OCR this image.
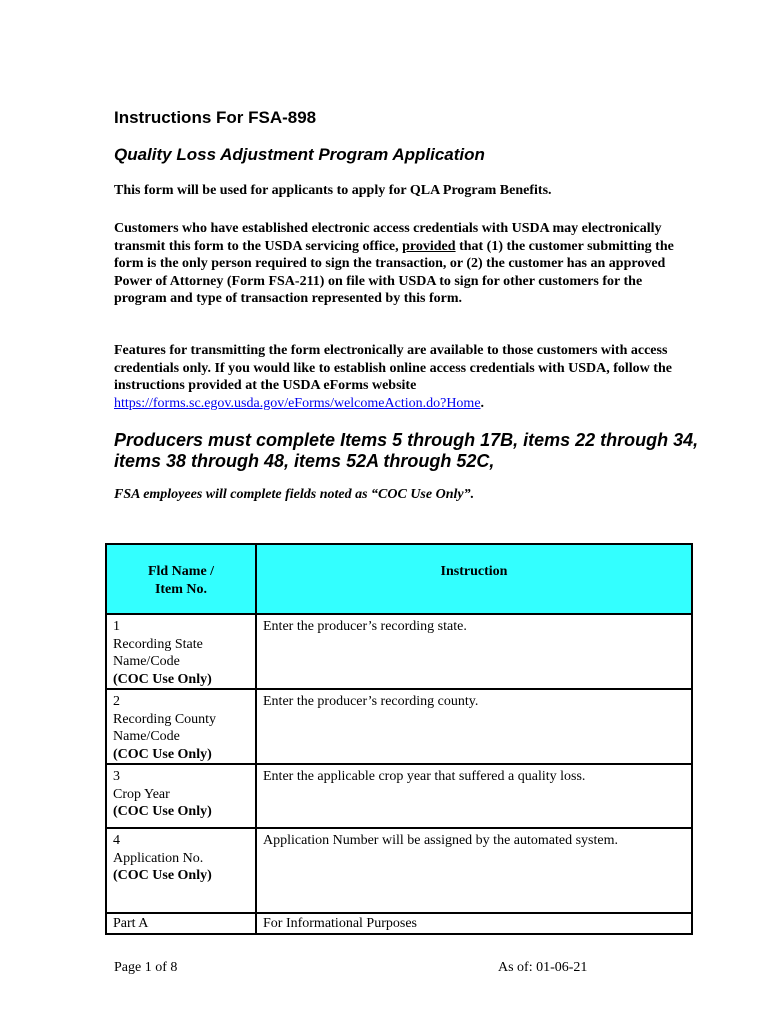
Instructions For FSA-898
Quality Loss Adjustment Program Application
This form will be used for applicants to apply for QLA Program Benefits.
Customers who have established electronic access credentials with USDA may electronically transmit this form to the USDA servicing office, provided that (1) the customer submitting the form is the only person required to sign the transaction, or (2) the customer has an approved Power of Attorney (Form FSA-211) on file with USDA to sign for other customers for the program and type of transaction represented by this form.
Features for transmitting the form electronically are available to those customers with access credentials only. If you would like to establish online access credentials with USDA, follow the instructions provided at the USDA eForms website https://forms.sc.egov.usda.gov/eForms/welcomeAction.do?Home.
Producers must complete Items 5 through 17B, items 22 through 34, items 38 through 48, items 52A through 52C,
FSA employees will complete fields noted as “COC Use Only”.
Fld Name /
Item No.	Instruction

1
Recording State
Name/Code
(COC Use Only)	Enter the producer’s recording state.

2
Recording County
Name/Code
(COC Use Only)	Enter the producer’s recording county.

3
Crop Year
(COC Use Only)	Enter the applicable crop year that suffered a quality loss.

4
Application No.
(COC Use Only)	Application Number will be assigned by the automated system.

Part A	For Informational Purposes
Page 1 of 8	As of: 01-06-21
